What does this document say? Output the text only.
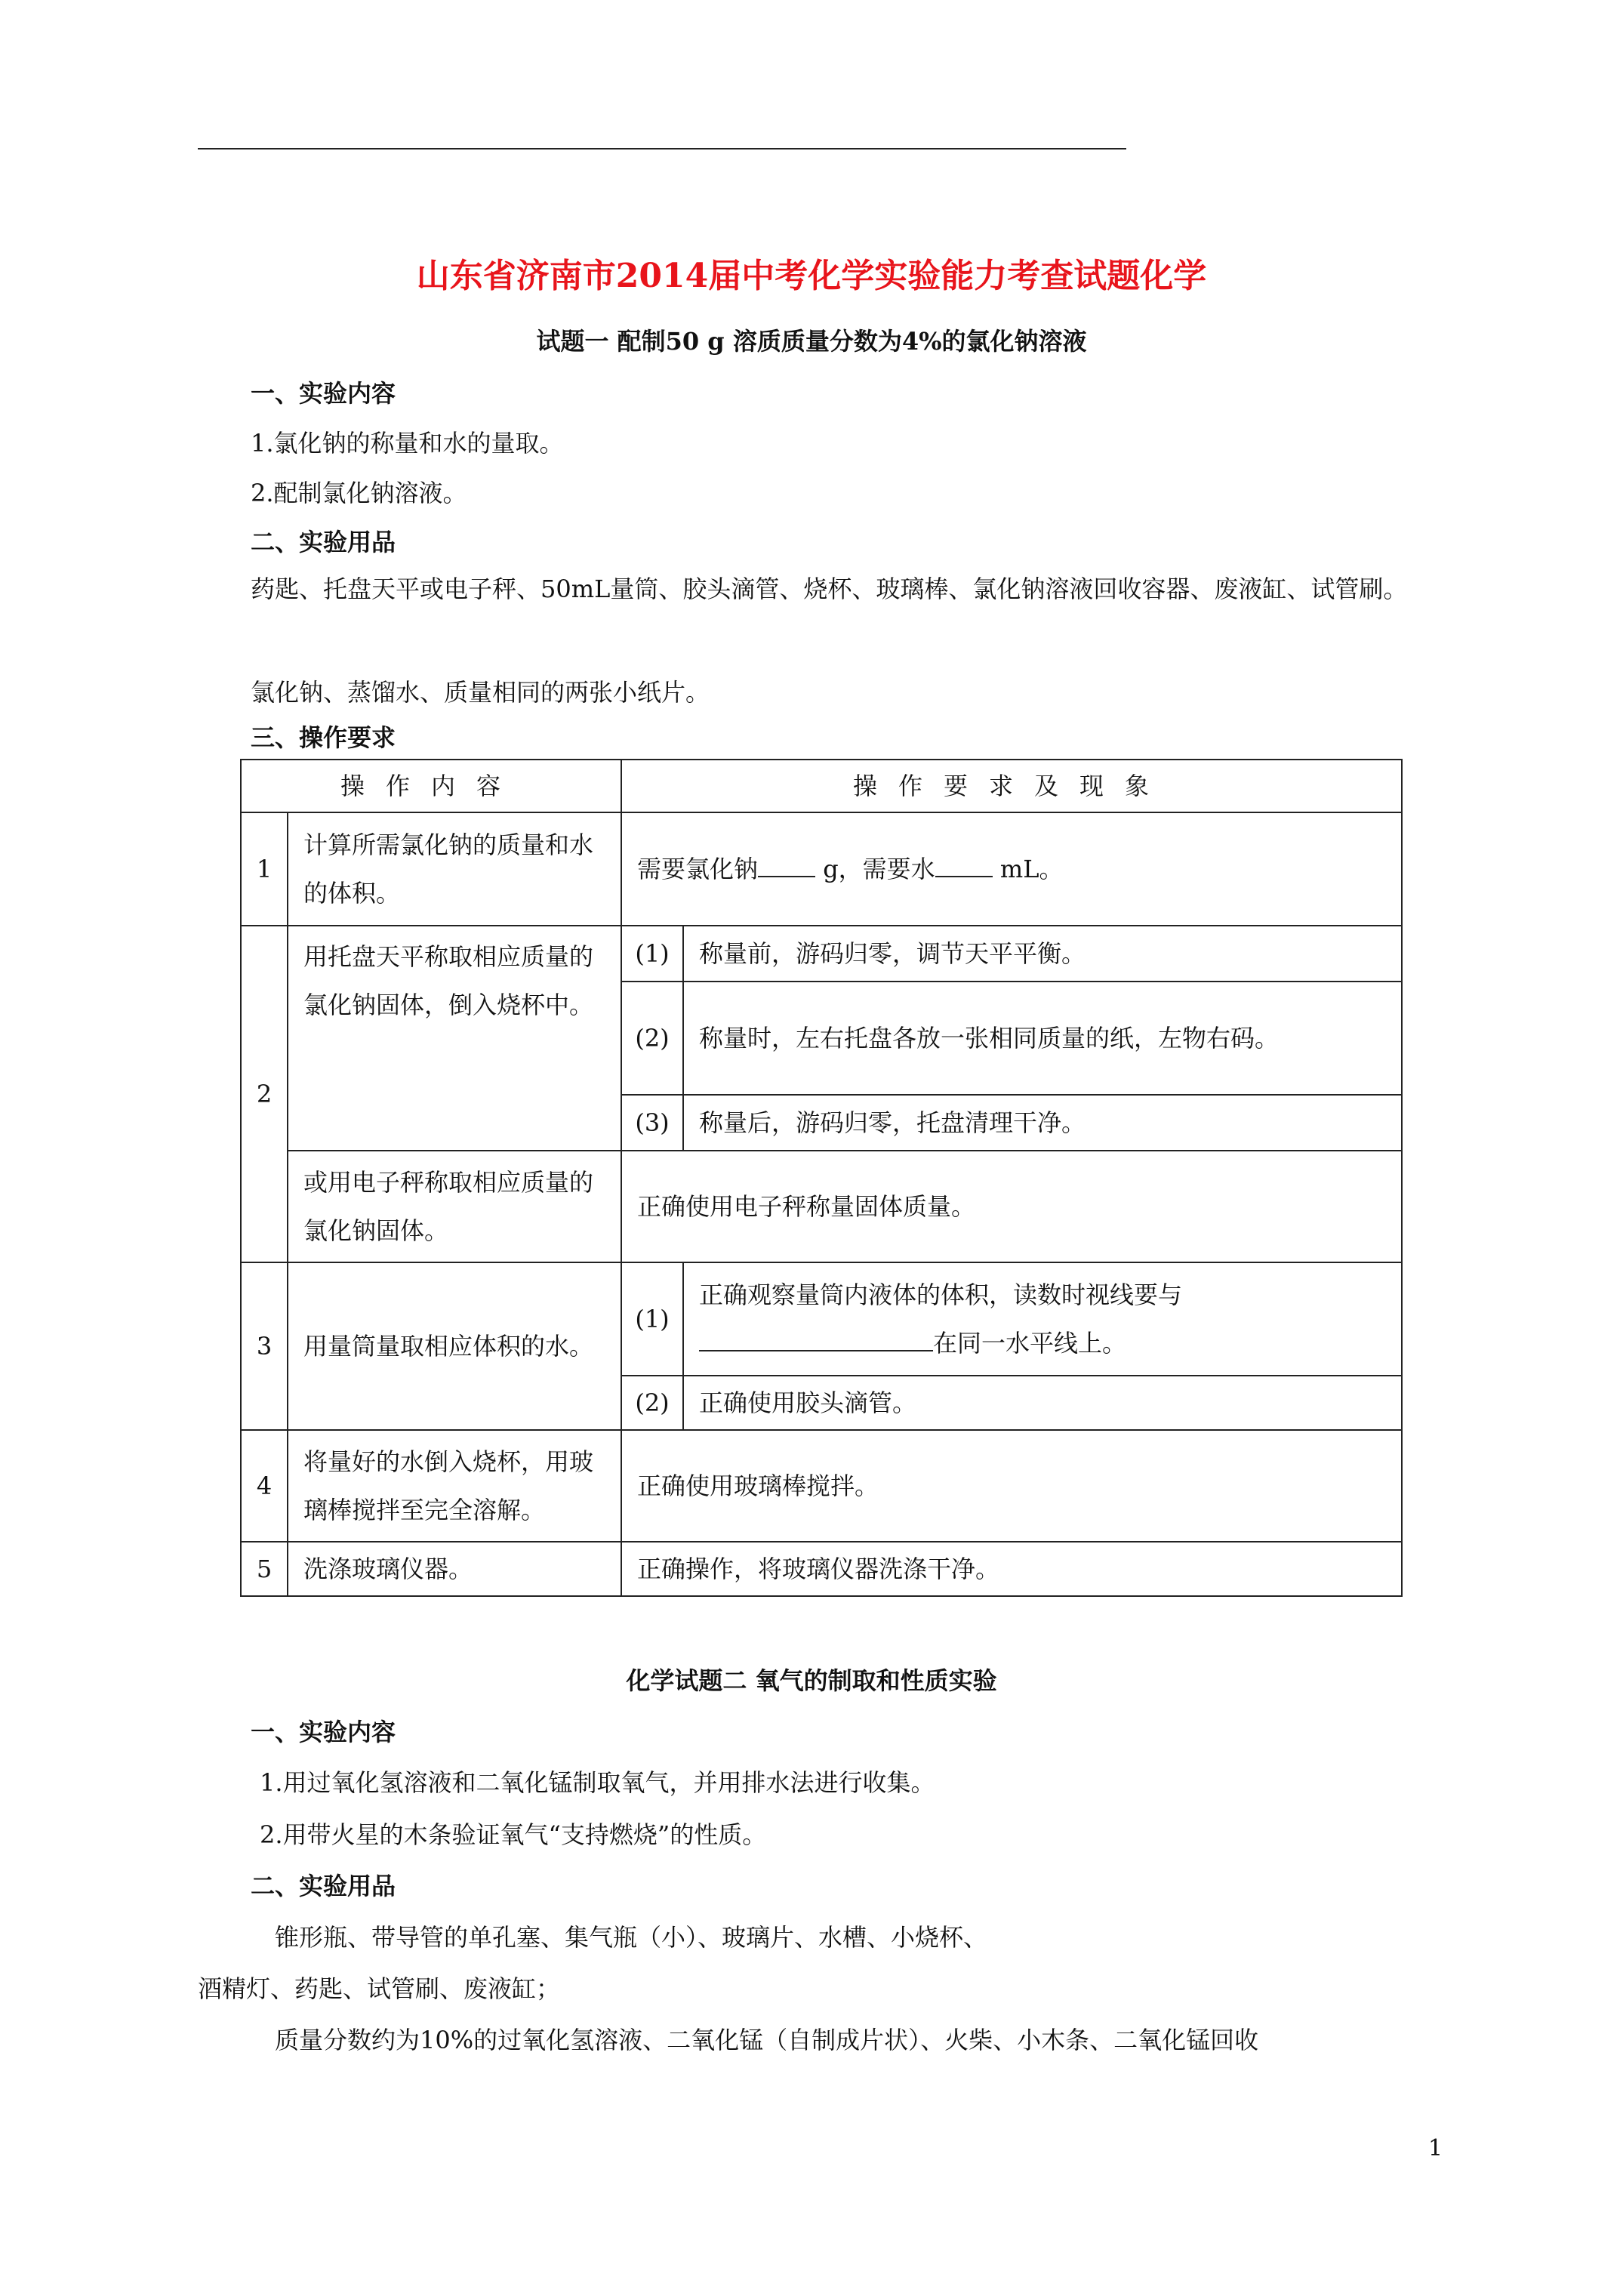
山东省济南市2014届中考化学实验能力考查试题化学
试题一 配制50 g 溶质质量分数为4%的氯化钠溶液
一、实验内容
1.氯化钠的称量和水的量取。
2.配制氯化钠溶液。
二、实验用品
药匙、托盘天平或电子秤、50mL量筒、胶头滴管、烧杯、玻璃棒、氯化钠溶液回收容器、废液缸、试管刷。
氯化钠、蒸馏水、质量相同的两张小纸片。
三、操作要求
操作内容		操作要求及现象	
1	计算所需氯化钠的质量和水的体积。	需要氯化钠 g，需要水 mL。	
2	用托盘天平称取相应质量的氯化钠固体，倒入烧杯中。	(1)	称量前，游码归零，调节天平平衡。
		(2)	称量时，左右托盘各放一张相同质量的纸，左物右码。
		(3)	称量后，游码归零，托盘清理干净。
	或用电子秤称取相应质量的氯化钠固体。	正确使用电子秤称量固体质量。	
3	用量筒量取相应体积的水。	(1)	正确观察量筒内液体的体积，读数时视线要与
在同一水平线上。
		(2)	正确使用胶头滴管。
4	将量好的水倒入烧杯，用玻璃棒搅拌至完全溶解。	正确使用玻璃棒搅拌。	
5	洗涤玻璃仪器。	正确操作，将玻璃仪器洗涤干净。	
化学试题二 氧气的制取和性质实验
一、实验内容
1.用过氧化氢溶液和二氧化锰制取氧气，并用排水法进行收集。
2.用带火星的木条验证氧气“支持燃烧”的性质。
二、实验用品
锥形瓶、带导管的单孔塞、集气瓶（小）、玻璃片、水槽、小烧杯、
酒精灯、药匙、试管刷、废液缸；
质量分数约为10%的过氧化氢溶液、二氧化锰（自制成片状）、火柴、小木条、二氧化锰回收
1
